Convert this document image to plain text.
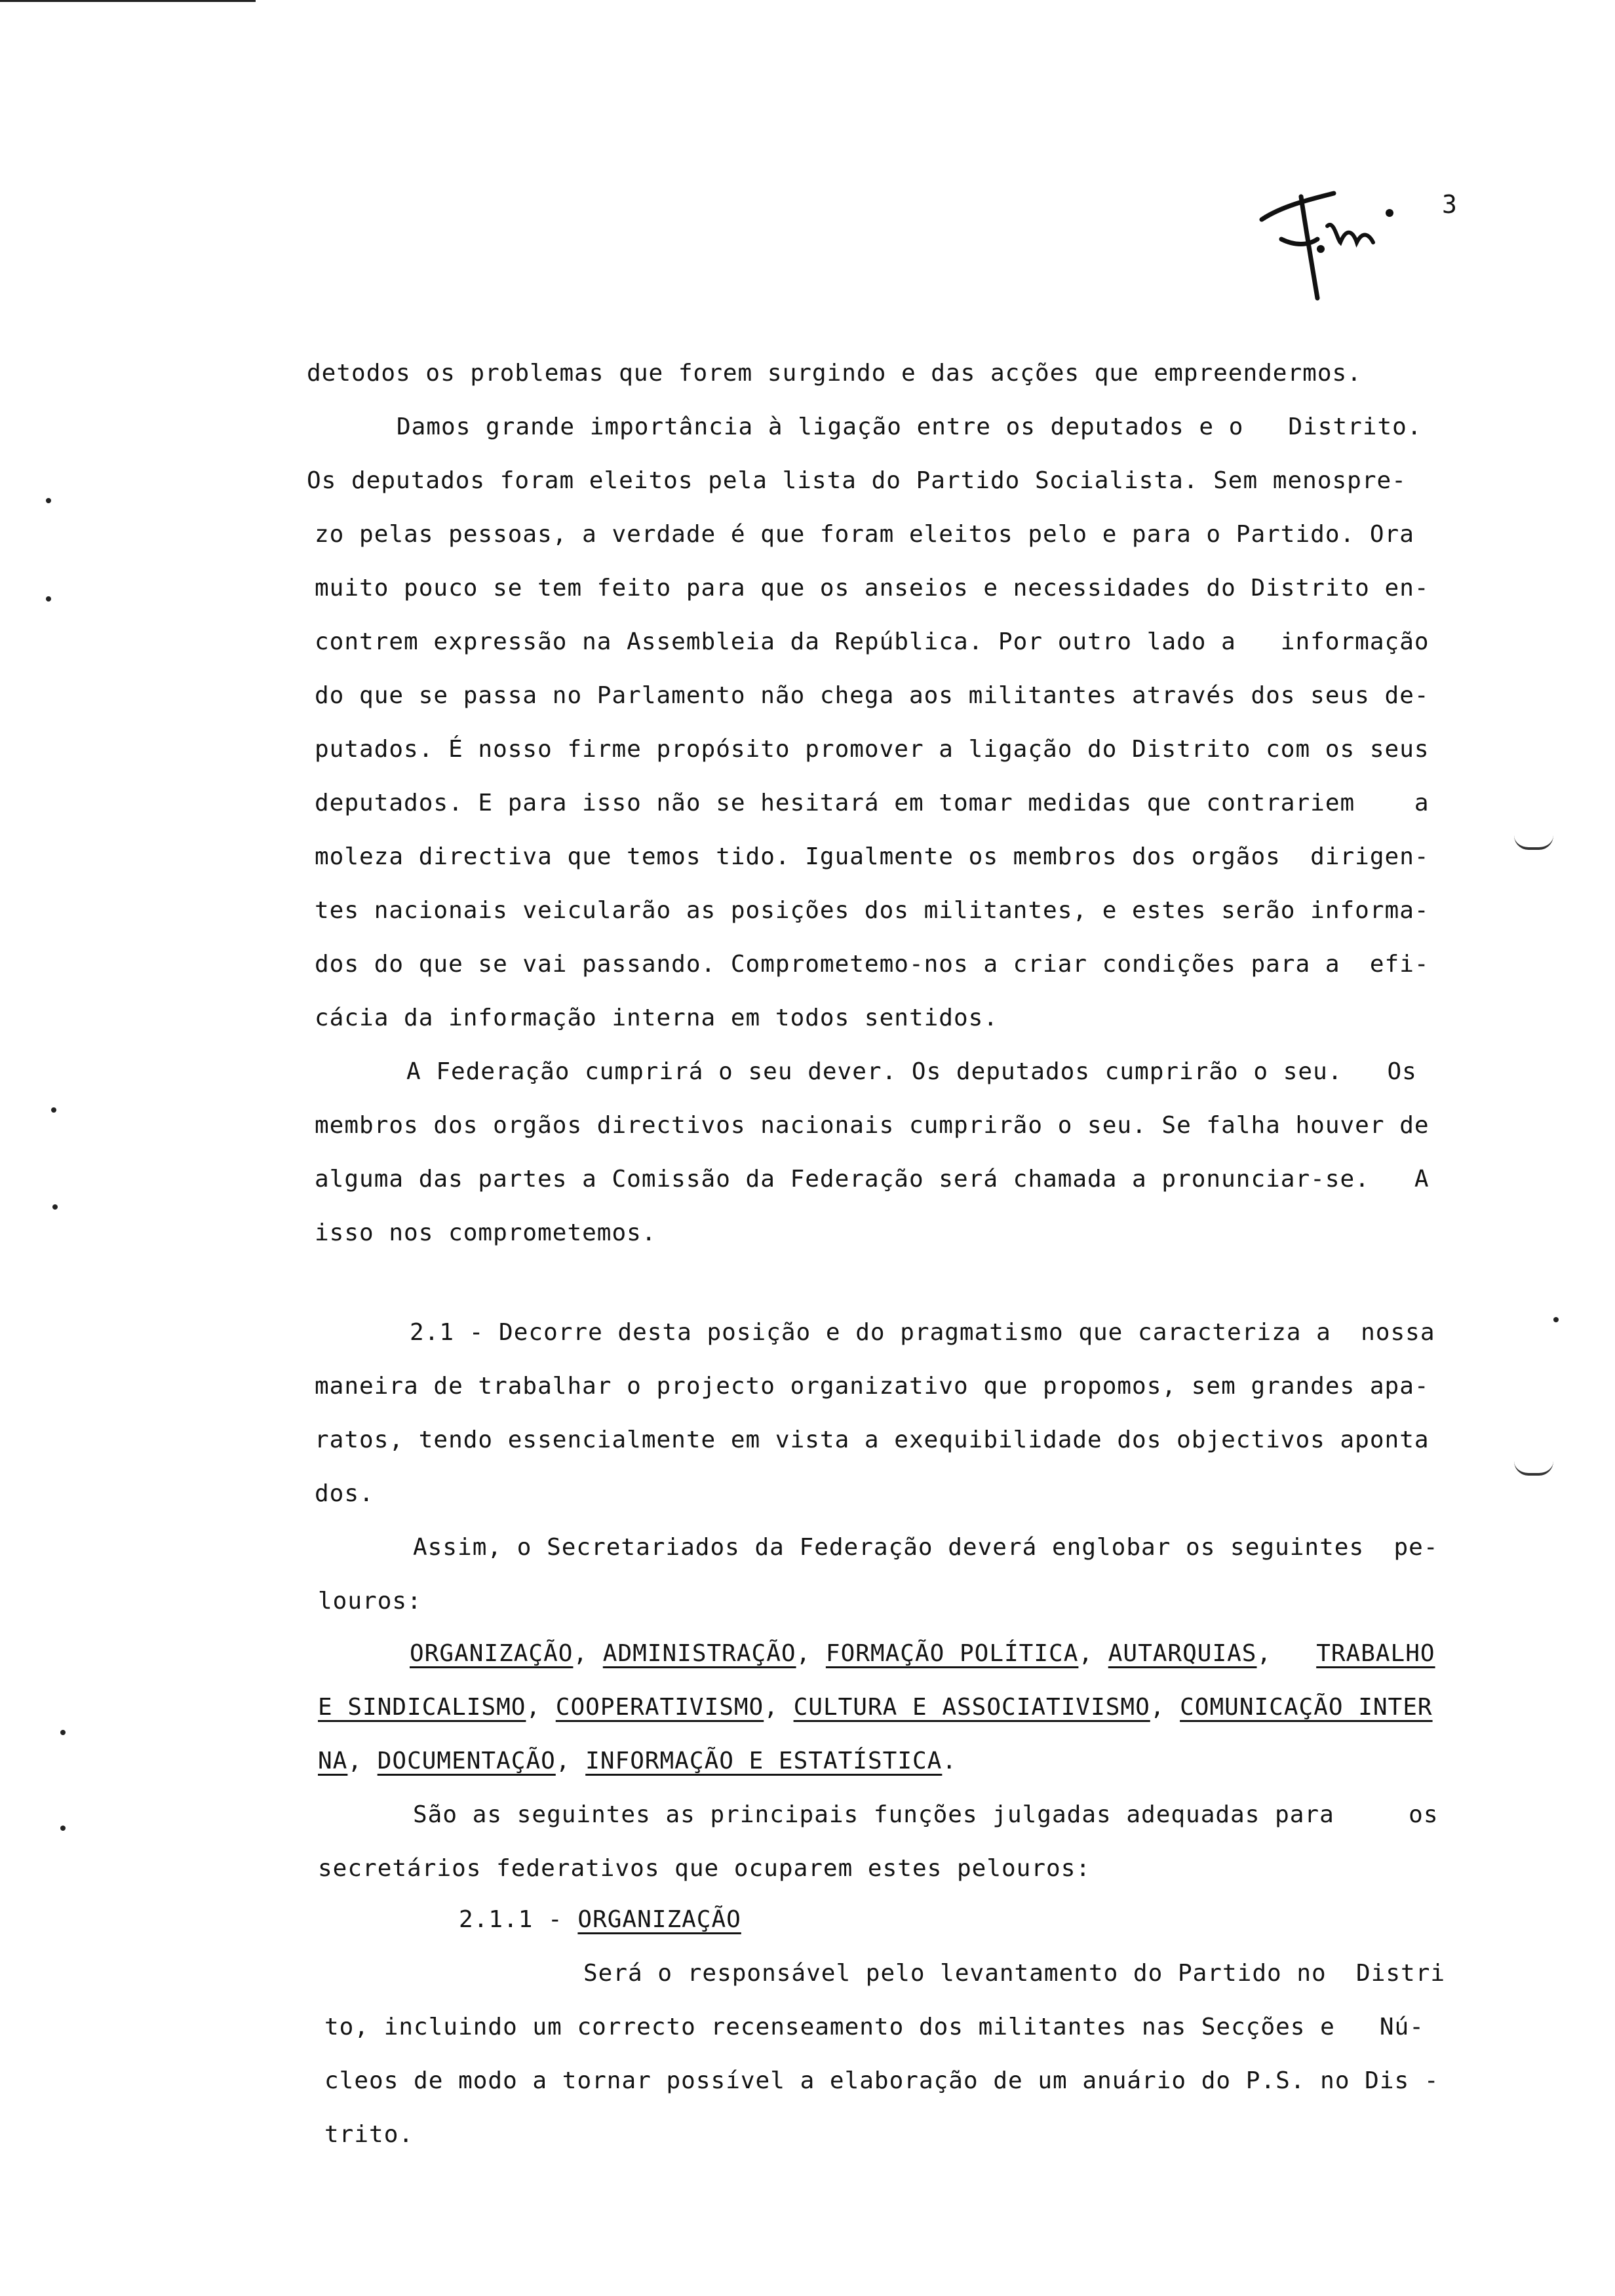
3
detodos os problemas que forem surgindo e das acções que empreendermos.
Damos grande importância à ligação entre os deputados e o   Distrito.
Os deputados foram eleitos pela lista do Partido Socialista. Sem menospre-
zo pelas pessoas, a verdade é que foram eleitos pelo e para o Partido. Ora
muito pouco se tem feito para que os anseios e necessidades do Distrito en-
contrem expressão na Assembleia da República. Por outro lado a   informação
do que se passa no Parlamento não chega aos militantes através dos seus de-
putados. É nosso firme propósito promover a ligação do Distrito com os seus
deputados. E para isso não se hesitará em tomar medidas que contrariem    a
moleza directiva que temos tido. Igualmente os membros dos orgãos  dirigen-
tes nacionais veicularão as posições dos militantes, e estes serão informa-
dos do que se vai passando. Comprometemo-nos a criar condições para a  efi-
cácia da informação interna em todos sentidos.
A Federação cumprirá o seu dever. Os deputados cumprirão o seu.   Os
membros dos orgãos directivos nacionais cumprirão o seu. Se falha houver de
alguma das partes a Comissão da Federação será chamada a pronunciar-se.   A
isso nos comprometemos.
2.1 - Decorre desta posição e do pragmatismo que caracteriza a  nossa
maneira de trabalhar o projecto organizativo que propomos, sem grandes apa-
ratos, tendo essencialmente em vista a exequibilidade dos objectivos aponta
dos.
Assim, o Secretariados da Federação deverá englobar os seguintes  pe-
louros:
ORGANIZAÇÃO, ADMINISTRAÇÃO, FORMAÇÃO POLÍTICA, AUTARQUIAS,   TRABALHO
E SINDICALISMO, COOPERATIVISMO, CULTURA E ASSOCIATIVISMO, COMUNICAÇÃO INTER
NA, DOCUMENTAÇÃO, INFORMAÇÃO E ESTATÍSTICA.
São as seguintes as principais funções julgadas adequadas para     os
secretários federativos que ocuparem estes pelouros:
2.1.1 - ORGANIZAÇÃO
Será o responsável pelo levantamento do Partido no  Distri
to, incluindo um correcto recenseamento dos militantes nas Secções e   Nú-
cleos de modo a tornar possível a elaboração de um anuário do P.S. no Dis -
trito.
